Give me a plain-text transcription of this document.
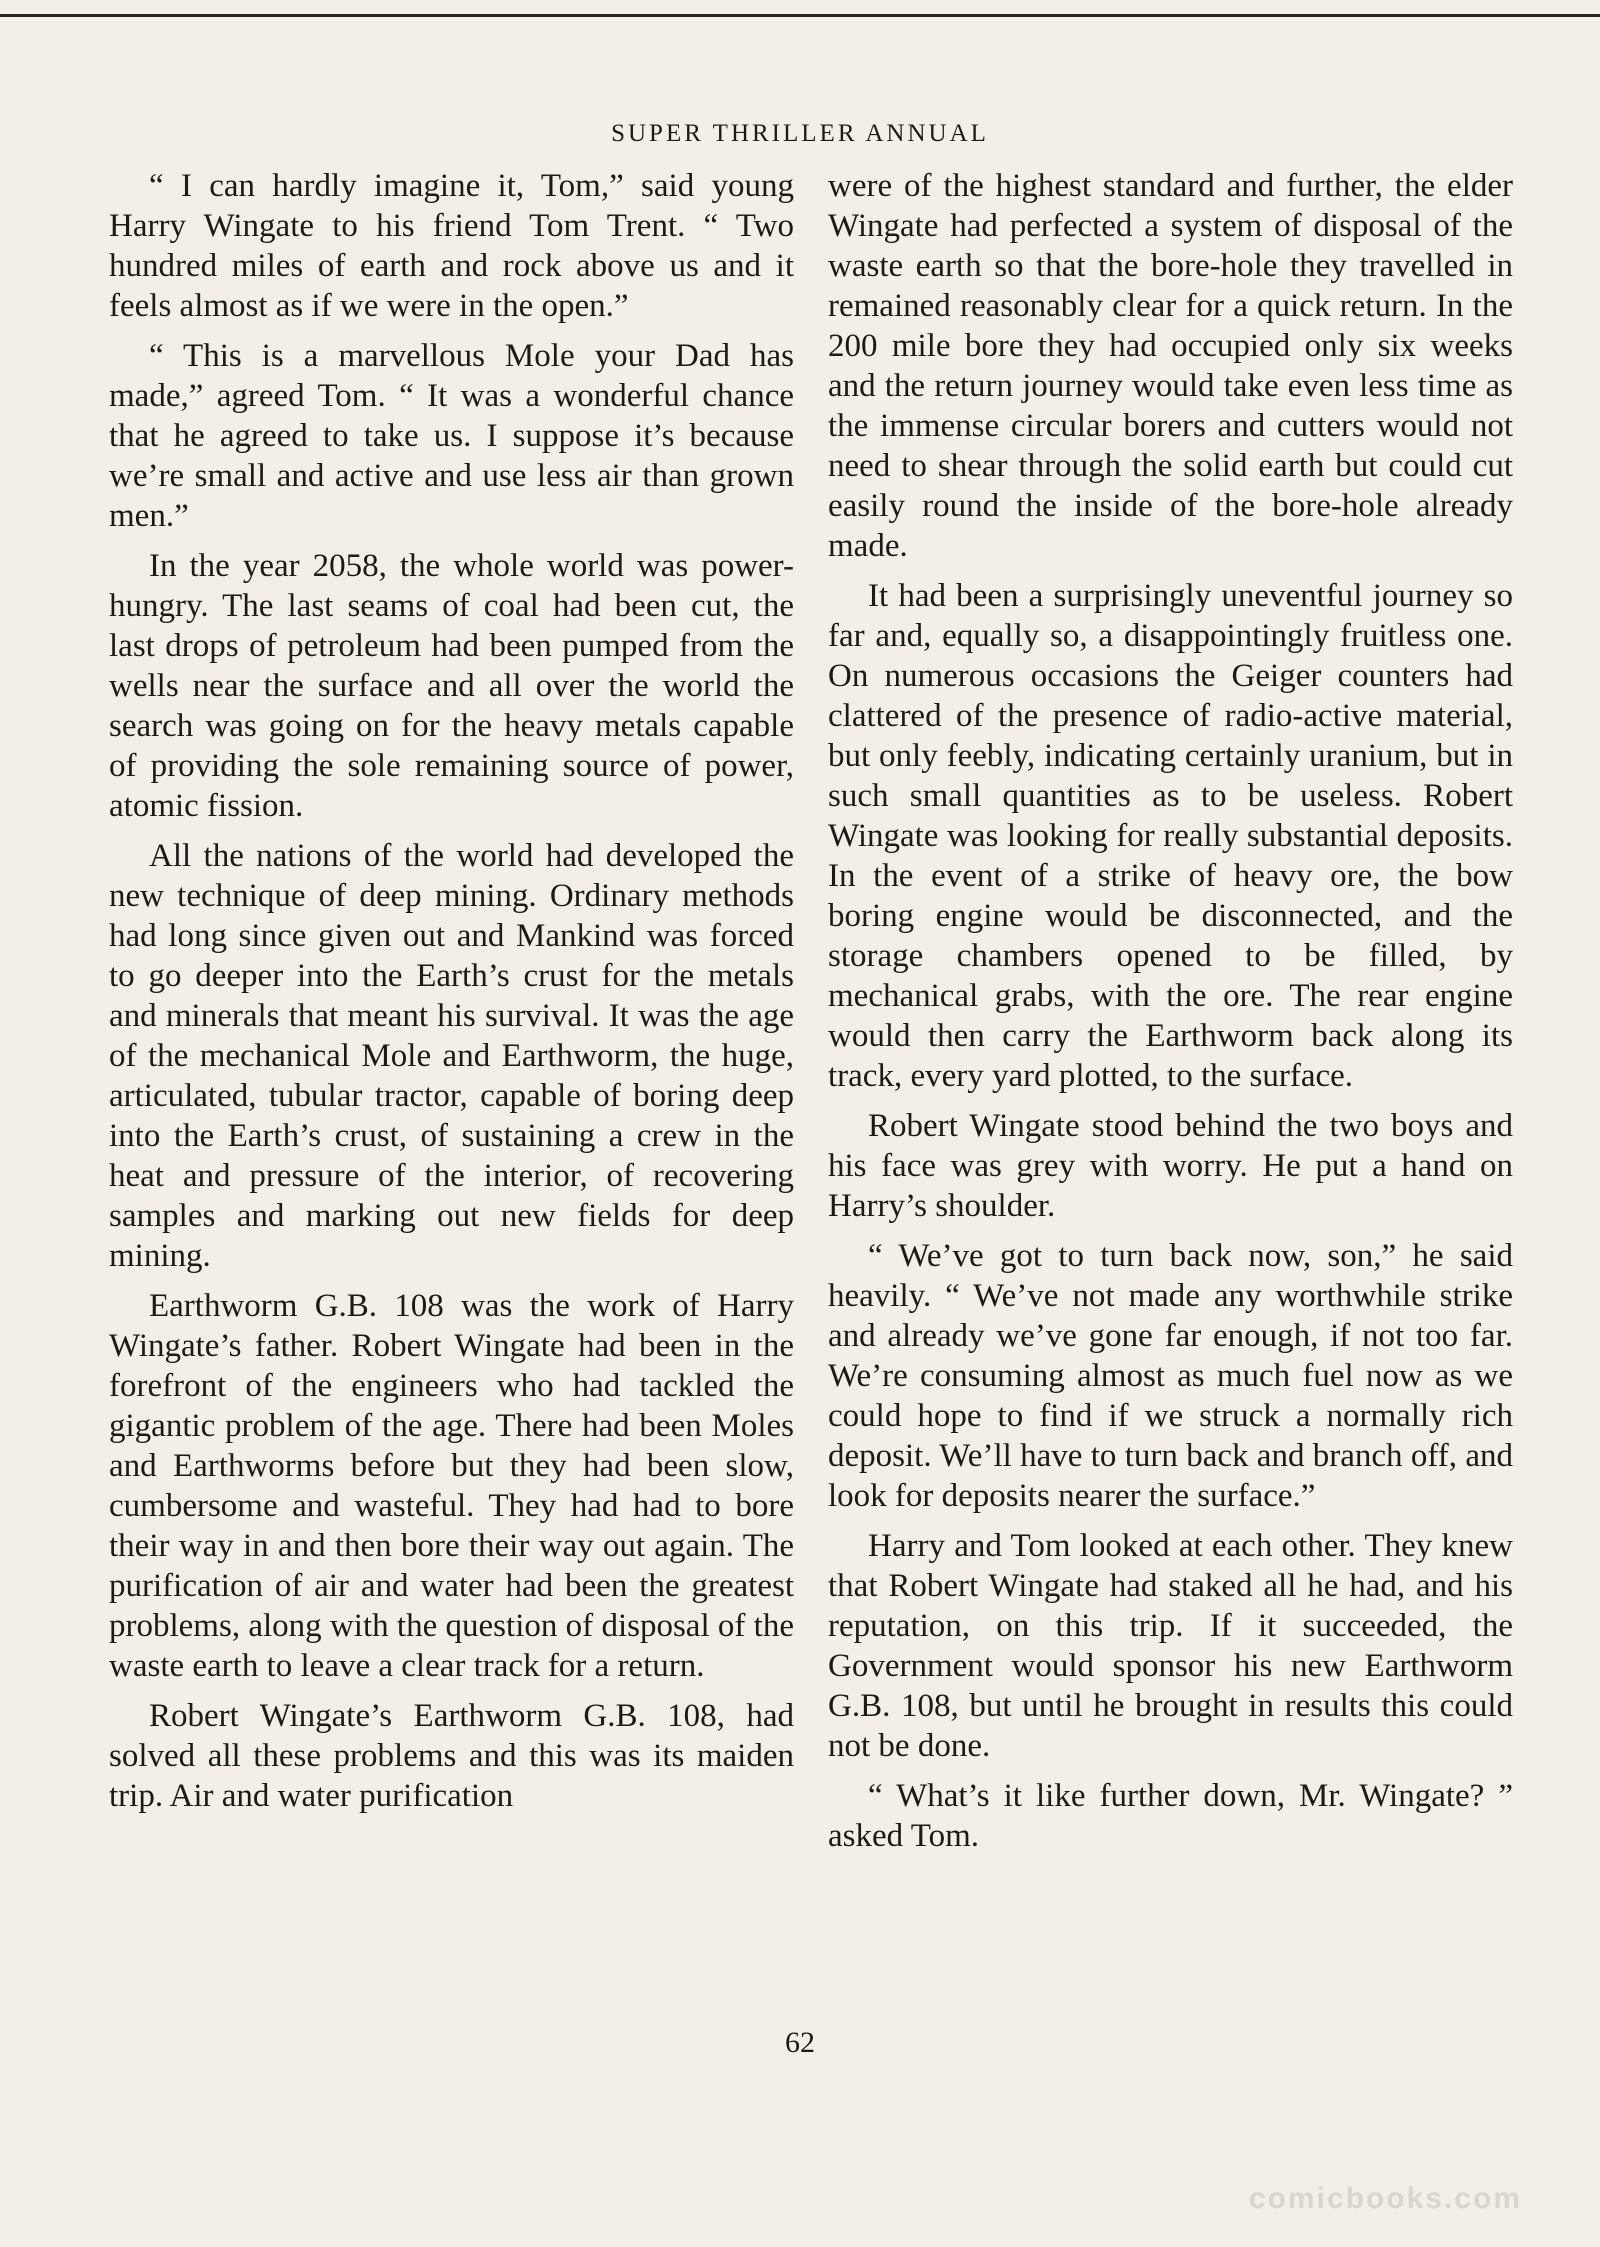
SUPER THRILLER ANNUAL

“ I can hardly imagine it, Tom,” said young Harry Wingate to his friend Tom Trent. “ Two hundred miles of earth and rock above us and it feels almost as if we were in the open.”

“ This is a marvellous Mole your Dad has made,” agreed Tom. “ It was a wonderful chance that he agreed to take us. I suppose it’s because we’re small and active and use less air than grown men.”

In the year 2058, the whole world was power-hungry. The last seams of coal had been cut, the last drops of petroleum had been pumped from the wells near the surface and all over the world the search was going on for the heavy metals capable of providing the sole remaining source of power, atomic fission.

All the nations of the world had developed the new technique of deep mining. Ordinary methods had long since given out and Mankind was forced to go deeper into the Earth’s crust for the metals and minerals that meant his survival. It was the age of the mechanical Mole and Earthworm, the huge, articulated, tubular tractor, capable of boring deep into the Earth’s crust, of sustaining a crew in the heat and pressure of the interior, of recovering samples and marking out new fields for deep mining.

Earthworm G.B. 108 was the work of Harry Wingate’s father. Robert Wingate had been in the forefront of the engineers who had tackled the gigantic problem of the age. There had been Moles and Earthworms before but they had been slow, cumbersome and wasteful. They had had to bore their way in and then bore their way out again. The purification of air and water had been the greatest problems, along with the question of disposal of the waste earth to leave a clear track for a return.

Robert Wingate’s Earthworm G.B. 108, had solved all these problems and this was its maiden trip. Air and water purification

were of the highest standard and further, the elder Wingate had perfected a system of disposal of the waste earth so that the bore-hole they travelled in remained reasonably clear for a quick return. In the 200 mile bore they had occupied only six weeks and the return journey would take even less time as the immense circular borers and cutters would not need to shear through the solid earth but could cut easily round the inside of the bore-hole already made.

It had been a surprisingly uneventful journey so far and, equally so, a disappointingly fruitless one. On numerous occasions the Geiger counters had clattered of the presence of radio-active material, but only feebly, indicating certainly uranium, but in such small quantities as to be useless. Robert Wingate was looking for really substantial deposits. In the event of a strike of heavy ore, the bow boring engine would be disconnected, and the storage chambers opened to be filled, by mechanical grabs, with the ore. The rear engine would then carry the Earthworm back along its track, every yard plotted, to the surface.

Robert Wingate stood behind the two boys and his face was grey with worry. He put a hand on Harry’s shoulder.

“ We’ve got to turn back now, son,” he said heavily. “ We’ve not made any worthwhile strike and already we’ve gone far enough, if not too far. We’re consuming almost as much fuel now as we could hope to find if we struck a normally rich deposit. We’ll have to turn back and branch off, and look for deposits nearer the surface.”

Harry and Tom looked at each other. They knew that Robert Wingate had staked all he had, and his reputation, on this trip. If it succeeded, the Government would sponsor his new Earthworm G.B. 108, but until he brought in results this could not be done.

“ What’s it like further down, Mr. Wingate? ” asked Tom.

62
comicbooks.com
